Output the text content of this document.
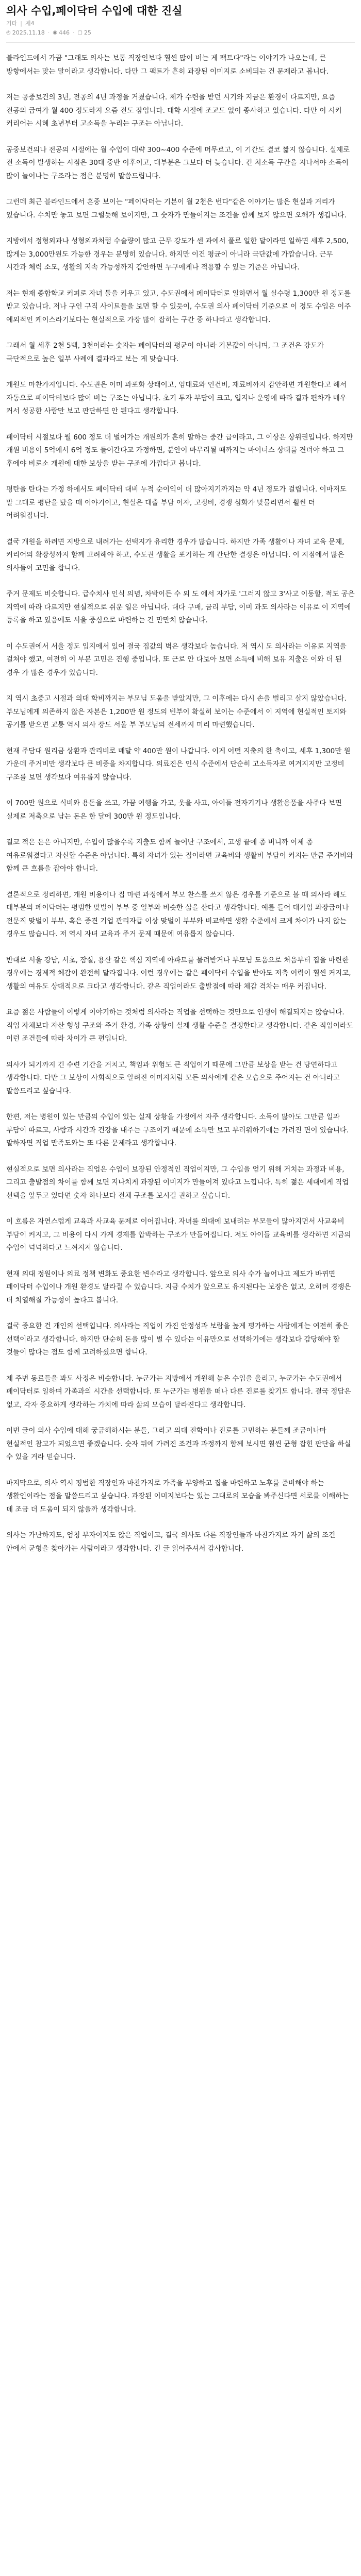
의사 수입,페이닥터 수입에 대한 진실
기타 | 제4
◴ 2025.11.18 · ◉ 446 · ▢ 25

블라인드에서 가끔 "그래도 의사는 보통 직장인보다 훨씬 많이 버는 게 팩트다"라는 이야기가 나오는데, 큰 방향에서는 맞는 말이라고 생각합니다. 다만 그 팩트가 흔히 과장된 이미지로 소비되는 건 문제라고 봅니다.

저는 공중보건의 3년, 전공의 4년 과정을 거쳤습니다. 제가 수련을 받던 시기와 지금은 환경이 다르지만, 요즘 전공의 급여가 월 400 정도라지 요즘 전도 잠입니다. 대학 시절에 조교도 없이 종사하고 있습니다. 다만 이 시키 커리어는 시혜 초년부터 고소득을 누리는 구조는 아닙니다.

공중보건의나 전공의 시절에는 월 수입이 대략 300~400 수준에 머무르고, 이 기간도 결코 짧지 않습니다. 실제로 전 소득이 발생하는 시점은 30대 중반 이후이고, 대부분은 그보다 더 늦습니다. 긴 처소득 구간을 지나서야 소득이 많이 늘어나는 구조라는 점은 분명히 말씀드립니다.

그런데 최근 블라인드에서 흔중 보이는 "페이닥터는 기본이 월 2천은 번다"같은 이야기는 많은 현실과 거리가 있습니다. 수치만 놓고 보면 그럴듯해 보이지만, 그 숫자가 만들어지는 조건을 함께 보지 않으면 오해가 생깁니다.

지방에서 정형외과나 성형외과처럼 수술량이 많고 근무 강도가 센 과에서 풀로 일한 달이라면 일하면 세후 2,500, 많게는 3,000만원도 가능한 경우는 분명히 있습니다. 하지만 이건 평균이 아니라 극단값에 가깝습니다. 근무 시간과 체력 소모, 생활의 지속 가능성까지 감안하면 누구에게나 적용할 수 있는 기준은 아닙니다.

저는 현재 종합학교 커피로 자녀 둘을 키우고 있고, 수도권에서 페이닥터로 일하면서 월 실수령 1,300만 원 정도를 받고 있습니다. 저나 구인 구직 사이트들을 보면 할 수 있듯이, 수도권 의사 페이닥터 기준으로 이 정도 수입은 이주 예외적인 케이스라기보다는 현실적으로 가장 많이 잡히는 구간 중 하나라고 생각합니다.

그래서 월 세후 2천 5백, 3천이라는 숫자는 페이닥터의 평균이 아니라 기본값이 아니며, 그 조건은 강도가 극단적으로 높은 일부 사례에 결과라고 보는 게 맞습니다.

개원도 마찬가지입니다. 수도권은 이미 과포화 상태이고, 임대료와 인건비, 재료비까지 감안하면 개원한다고 해서 자동으로 페이닥터보다 많이 버는 구조는 아닙니다. 초기 투자 부담이 크고, 입지나 운영에 따라 결과 편차가 매우 커서 성공한 사람만 보고 판단하면 안 된다고 생각합니다.

페이닥터 시절보다 월 600 정도 더 벌어가는 개원의가 흔히 말하는 중간 급이라고, 그 이상은 상위권입니다. 하지만 개원 비용이 5억에서 6억 정도 들어간다고 가정하면, 분안이 마무리될 때까지는 마이너스 상태를 견뎌야 하고 그 후에야 비로소 개원에 대한 보상을 받는 구조에 가깝다고 봅니다.

평탄을 탄다는 가정 하에서도 페이닥터 대비 누적 순이익이 더 많아지기까지는 약 4년 정도가 걸립니다. 이마저도 말 그대로 평탄을 탔을 때 이야기이고, 현실은 대출 부담 이자, 고정비, 경쟁 심화가 맞물리면서 훨씬 더 어려워집니다.

결국 개원을 하려면 지방으로 내려가는 선택지가 유리한 경우가 많습니다. 하지만 가족 생활이나 자녀 교육 문제, 커리어의 확장성까지 함께 고려해야 하고, 수도권 생활을 포기하는 게 간단한 결정은 아닙니다. 이 지점에서 많은 의사들이 고민을 합니다.

주거 문제도 비슷합니다. 급수치사 인식 의념, 차박이든 수 외 도 에서 자가로 '그러지 않고 3'사고 이동할, 적도 공은 지역에 따라 다르지만 현실적으로 쉬운 일은 아닙니다. 대다 구매, 금리 부담, 이미 과도 의사라는 이유로 이 지역에 등록을 하고 있음에도 서울 중심으로 마련하는 건 만만치 않습니다.

이 수도권에서 서울 정도 입지에서 있어 결국 집값의 벽은 생각보다 높습니다. 저 역시 도 의사라는 이유로 지역을 걸쳐야 했고, 여전히 이 부분 고민은 진행 중입니다. 또 근로 안 다보아 보면 소득에 비해 보유 지출은 이와 더 된 경우 가 많은 경우가 있습니다.

지 역시 초중고 시절과 의대 학비까지는 부모님 도움을 받았지만, 그 이후에는 다시 손을 벌리고 살지 않았습니다. 부모님에게 의존하지 않은 자본은 1,200만 원 정도의 빈부이 확실히 보이는 수준에서 이 지역에 현실적인 토지와 공기를 받으면 교통 역시 의사 장도 서울 부 부모님의 전세까지 미리 마련했습니다.

현재 주담대 원리금 상환과 관리비로 매달 약 400만 원이 나갑니다. 이게 어떤 지출의 한 축이고, 세후 1,300만 원 가운데 주거비만 생각보다 큰 비중을 차지합니다. 의료진은 인식 수준에서 단순히 고소득자로 여겨지지만 고정비 구조를 보면 생각보다 여유롭지 않습니다.

이 700만 원으로 식비와 용돈을 쓰고, 가끔 여행을 가고, 옷을 사고, 아이들 전자기기나 생활용품을 사주다 보면 실제로 저축으로 남는 돈은 한 달에 300만 원 정도입니다.

결코 적은 돈은 아니지만, 수입이 많을수록 지출도 함께 늘어난 구조에서, 고생 끝에 좀 버니까 이제 좀 여유로워졌다고 자신할 수준은 아닙니다. 특히 자녀가 있는 집이라면 교육비와 생활비 부담이 커지는 만큼 주거비와 함께 큰 흐름을 잡아야 합니다.

결론적으로 정리하면, 개원 비용이나 집 마련 과정에서 부모 찬스를 쓰지 않은 경우를 기준으로 볼 때 의사라 해도 대부분의 페이닥터는 평범한 맞벌이 부부 중 일부와 비슷한 삶을 산다고 생각합니다. 예를 들어 대기업 과장급이나 전문직 맞벌이 부부, 혹은 중견 기업 관리자급 이상 맞벌이 부부와 비교하면 생활 수준에서 크게 차이가 나지 않는 경우도 많습니다. 저 역시 자녀 교육과 주거 문제 때문에 여유롭지 않습니다.

반대로 서울 강남, 서초, 잠실, 용산 같은 핵심 지역에 아파트를 물려받거나 부모님 도움으로 처음부터 집을 마련한 경우에는 경제적 체감이 완전히 달라집니다. 이런 경우에는 같은 페이닥터 수입을 받아도 저축 여력이 훨씬 커지고, 생활의 여유도 상대적으로 크다고 생각합니다. 같은 직업이라도 출발점에 따라 체감 격차는 매우 커집니다.

요즘 젊은 사람들이 이렇게 이야기하는 것처럼 의사라는 직업을 선택하는 것만으로 인생이 해결되지는 않습니다. 직업 자체보다 자산 형성 구조와 주거 환경, 가족 상황이 실제 생활 수준을 결정한다고 생각합니다. 같은 직업이라도 이런 조건들에 따라 차이가 큰 편입니다.

의사가 되기까지 긴 수련 기간을 거치고, 책임과 위험도 큰 직업이기 때문에 그만큼 보상을 받는 건 당연하다고 생각합니다. 다만 그 보상이 사회적으로 알려진 이미지처럼 모든 의사에게 같은 모습으로 주어지는 건 아니라고 말씀드리고 싶습니다.

한편, 저는 병원이 있는 만큼의 수입이 있는 실제 상황을 가정에서 자주 생각합니다. 소득이 많아도 그만큼 일과 부담이 따르고, 사람과 시간과 건강을 내주는 구조이기 때문에 소득만 보고 부러워하기에는 가려진 면이 있습니다. 말하자면 직업 만족도와는 또 다른 문제라고 생각합니다.

현실적으로 보면 의사라는 직업은 수입이 보장된 안정적인 직업이지만, 그 수입을 얻기 위해 거치는 과정과 비용, 그리고 출발점의 차이를 함께 보면 지나치게 과장된 이미지가 만들어져 있다고 느낍니다. 특히 젊은 세대에게 직업 선택을 앞두고 있다면 숫자 하나보다 전체 구조를 보시길 권하고 싶습니다.

이 흐름은 자연스럽게 교육과 사교육 문제로 이어집니다. 자녀를 의대에 보내려는 부모들이 많아지면서 사교육비 부담이 커지고, 그 비용이 다시 가계 경제를 압박하는 구조가 만들어집니다. 저도 아이들 교육비를 생각하면 지금의 수입이 넉넉하다고 느껴지지 않습니다.

현재 의대 정원이나 의료 정책 변화도 중요한 변수라고 생각합니다. 앞으로 의사 수가 늘어나고 제도가 바뀌면 페이닥터 수입이나 개원 환경도 달라질 수 있습니다. 지금 수치가 앞으로도 유지된다는 보장은 없고, 오히려 경쟁은 더 치열해질 가능성이 높다고 봅니다.

결국 중요한 건 개인의 선택입니다. 의사라는 직업이 가진 안정성과 보람을 높게 평가하는 사람에게는 여전히 좋은 선택이라고 생각합니다. 하지만 단순히 돈을 많이 벌 수 있다는 이유만으로 선택하기에는 생각보다 감당해야 할 것들이 많다는 점도 함께 고려하셨으면 합니다.

제 주변 동료들을 봐도 사정은 비슷합니다. 누군가는 지방에서 개원해 높은 수입을 올리고, 누군가는 수도권에서 페이닥터로 일하며 가족과의 시간을 선택합니다. 또 누군가는 병원을 떠나 다른 진로를 찾기도 합니다. 결국 정답은 없고, 각자 중요하게 생각하는 가치에 따라 삶의 모습이 달라진다고 생각합니다.

이번 글이 의사 수입에 대해 궁금해하시는 분들, 그리고 의대 진학이나 진로를 고민하는 분들께 조금이나마 현실적인 참고가 되었으면 좋겠습니다. 숫자 뒤에 가려진 조건과 과정까지 함께 보시면 훨씬 균형 잡힌 판단을 하실 수 있을 거라 믿습니다.

마지막으로, 의사 역시 평범한 직장인과 마찬가지로 가족을 부양하고 집을 마련하고 노후를 준비해야 하는 생활인이라는 점을 말씀드리고 싶습니다. 과장된 이미지보다는 있는 그대로의 모습을 봐주신다면 서로를 이해하는 데 조금 더 도움이 되지 않을까 생각합니다.

의사는 가난하지도, 엄청 부자이지도 않은 직업이고, 결국 의사도 다른 직장인들과 마찬가지로 자기 삶의 조건 안에서 균형을 찾아가는 사람이라고 생각합니다. 긴 글 읽어주셔서 감사합니다.
